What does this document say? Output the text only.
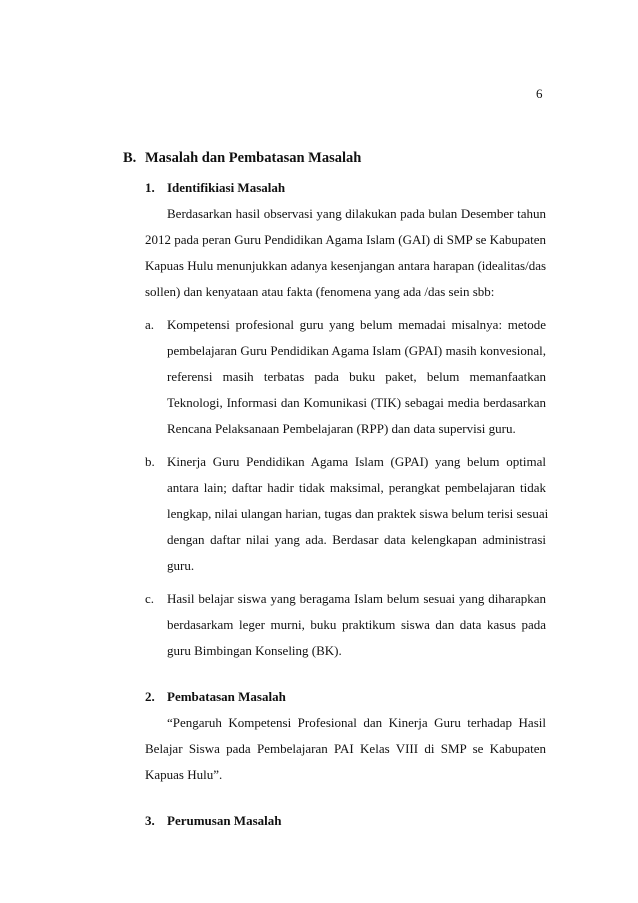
6
B. Masalah dan Pembatasan Masalah
1. Identifikiasi Masalah
Berdasarkan hasil observasi yang dilakukan pada bulan Desember tahun
2012 pada peran Guru Pendidikan Agama Islam (GAI) di SMP se Kabupaten
Kapuas Hulu menunjukkan adanya kesenjangan antara harapan (idealitas/das
sollen) dan kenyataan atau fakta (fenomena yang ada /das sein sbb:
a. Kompetensi profesional guru yang belum memadai misalnya: metode
pembelajaran Guru Pendidikan Agama Islam (GPAI) masih konvesional,
referensi masih terbatas pada buku paket, belum memanfaatkan
Teknologi, Informasi dan Komunikasi (TIK) sebagai media berdasarkan
Rencana Pelaksanaan Pembelajaran (RPP) dan data supervisi guru.
b. Kinerja Guru Pendidikan Agama Islam (GPAI) yang belum optimal
antara lain; daftar hadir tidak maksimal, perangkat pembelajaran tidak
lengkap, nilai ulangan harian, tugas dan praktek siswa belum terisi sesuai
dengan daftar nilai yang ada. Berdasar data kelengkapan administrasi
guru.
c. Hasil belajar siswa yang beragama Islam belum sesuai yang diharapkan
berdasarkam leger murni, buku praktikum siswa dan data kasus pada
guru Bimbingan Konseling (BK).
2. Pembatasan Masalah
“Pengaruh Kompetensi Profesional dan Kinerja Guru terhadap Hasil
Belajar Siswa pada Pembelajaran PAI Kelas VIII di SMP se Kabupaten
Kapuas Hulu”.
3. Perumusan Masalah
